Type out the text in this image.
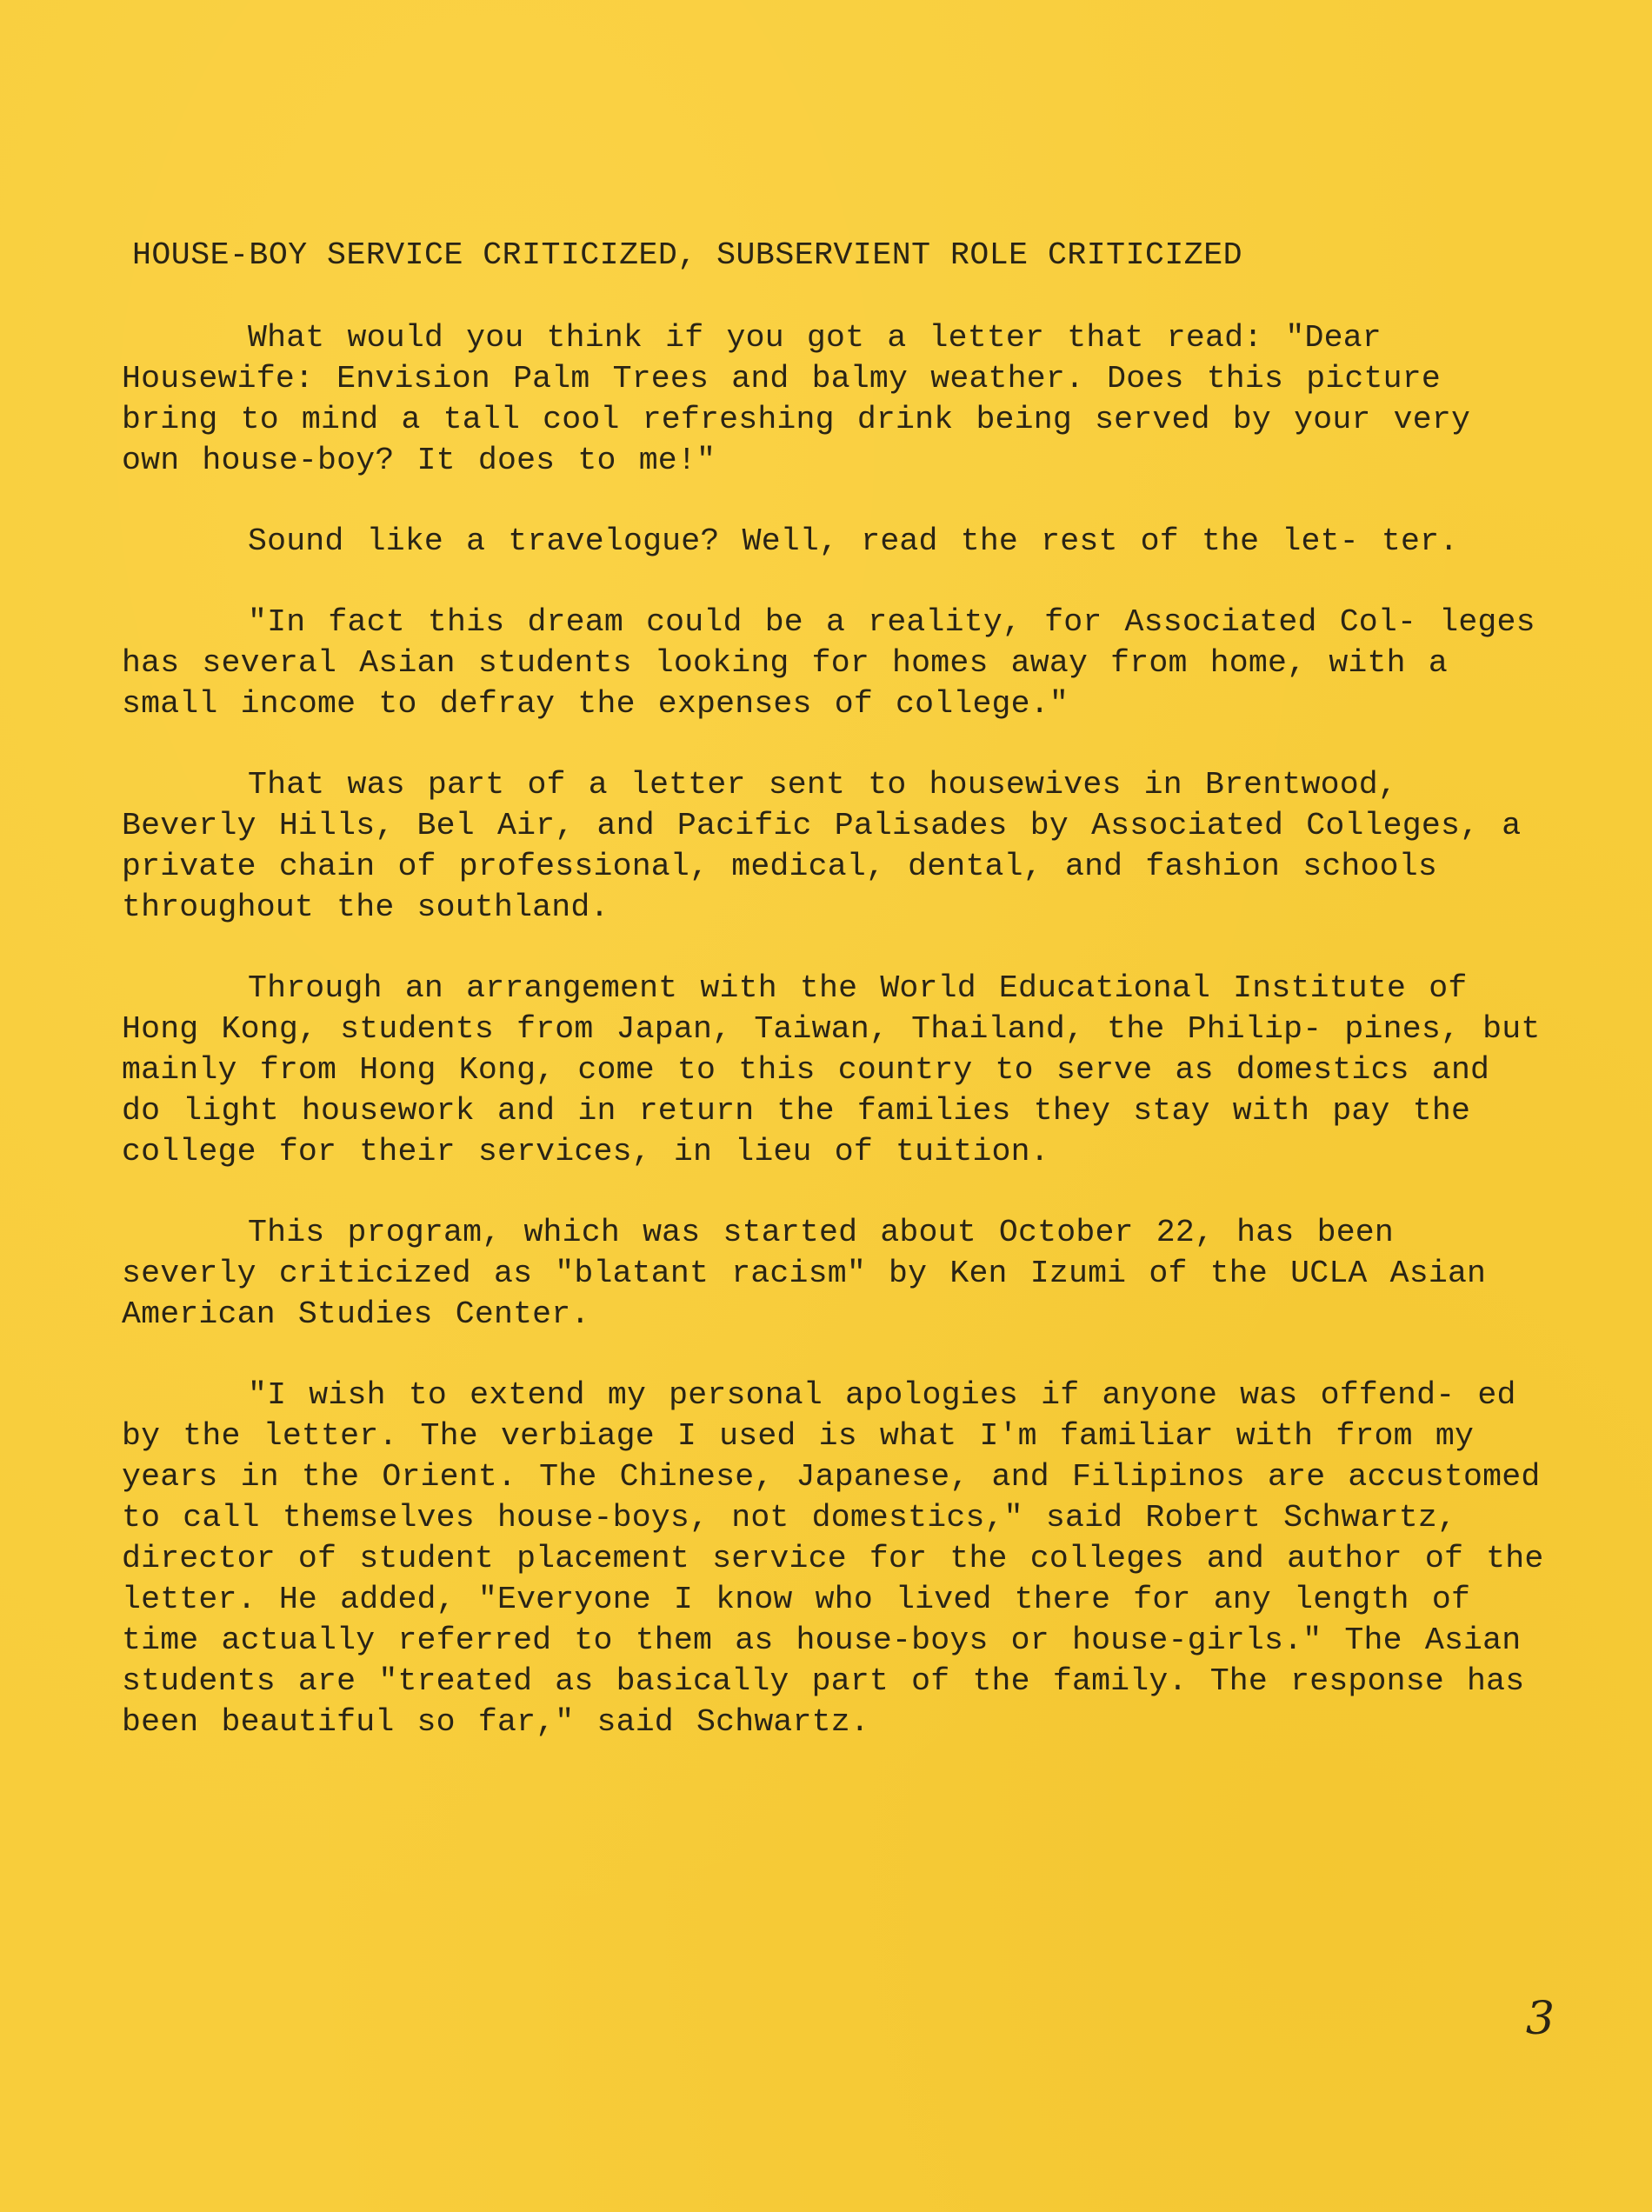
HOUSE-BOY SERVICE CRITICIZED, SUBSERVIENT ROLE CRITICIZED

What would you think if you got a letter that read: "Dear Housewife: Envision Palm Trees and balmy weather. Does this picture bring to mind a tall cool refreshing drink being served by your very own house-boy? It does to me!"

Sound like a travelogue? Well, read the rest of the let- ter.

"In fact this dream could be a reality, for Associated Col- leges has several Asian students looking for homes away from home, with a small income to defray the expenses of college."

That was part of a letter sent to housewives in Brentwood, Beverly Hills, Bel Air, and Pacific Palisades by Associated Colleges, a private chain of professional, medical, dental, and fashion schools throughout the southland.

Through an arrangement with the World Educational Institute of Hong Kong, students from Japan, Taiwan, Thailand, the Philip- pines, but mainly from Hong Kong, come to this country to serve as domestics and do light housework and in return the families they stay with pay the college for their services, in lieu of tuition.

This program, which was started about October 22, has been severly criticized as "blatant racism" by Ken Izumi of the UCLA Asian American Studies Center.

"I wish to extend my personal apologies if anyone was offend- ed by the letter. The verbiage I used is what I'm familiar with from my years in the Orient. The Chinese, Japanese, and Filipinos are accustomed to call themselves house-boys, not domestics," said Robert Schwartz, director of student placement service for the colleges and author of the letter. He added, "Everyone I know who lived there for any length of time actually referred to them as house-boys or house-girls." The Asian students are "treated as basically part of the family. The response has been beautiful so far," said Schwartz.

3
